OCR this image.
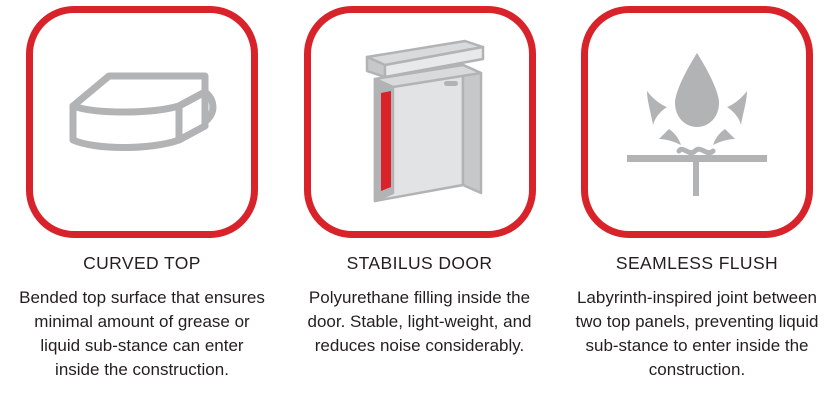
CURVED TOP
Bended top surface that ensures minimal amount of grease or liquid sub-stance can enter inside the construction.
STABILUS DOOR
Polyurethane filling inside the door. Stable, light-weight, and reduces noise considerably.
SEAMLESS FLUSH
Labyrinth-inspired joint between two top panels, preventing liquid sub-stance to enter inside the construction.
